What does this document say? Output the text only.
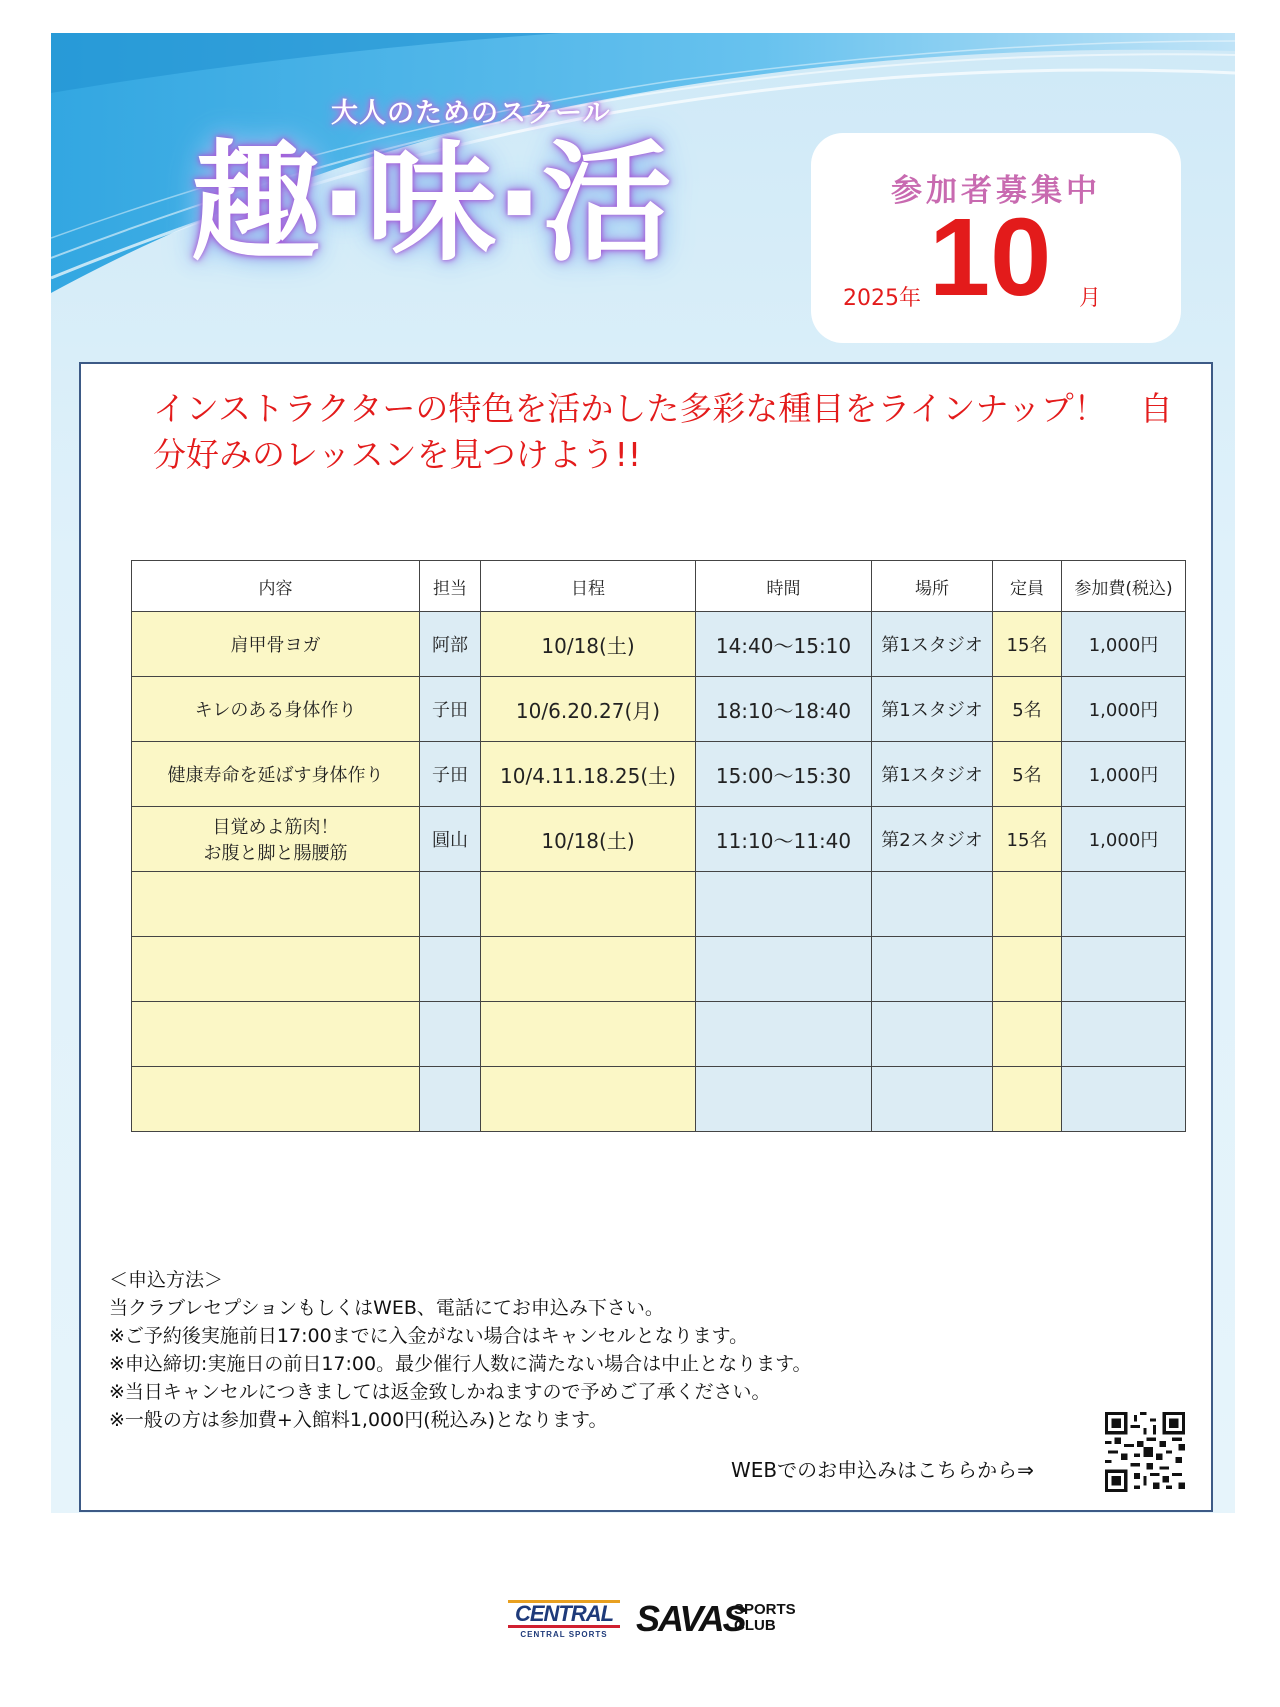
大人のためのスクール
趣·味·活	参加者募集中
2025年 10 月
インストラクターの特色を活かした多彩な種目をラインナップ！　自
分好みのレッスンを見つけよう!!
内容	担当	日程	時間	場所	定員	参加費(税込)
肩甲骨ヨガ	阿部	10/18(土)	14:40～15:10	第1スタジオ	15名	1,000円
キレのある身体作り	子田	10/6.20.27(月)	18:10～18:40	第1スタジオ	5名	1,000円
健康寿命を延ばす身体作り	子田	10/4.11.18.25(土)	15:00～15:30	第1スタジオ	5名	1,000円

目覚めよ筋肉！
お腹と脚と腸腰筋	圓山	10/18(土)	11:10～11:40	第2スタジオ	15名	1,000円

＜申込方法＞
当クラブレセプションもしくはWEB、電話にてお申込み下さい。
※ご予約後実施前日17:00までに入金がない場合はキャンセルとなります。
※申込締切:実施日の前日17:00。最少催行人数に満たない場合は中止となります。
※当日キャンセルにつきましては返金致しかねますので予めご了承ください。
※一般の方は参加費+入館料1,000円(税込み)となります。
WEBでのお申込みはこちらから⇒
CENTRAL
CENTRAL SPORTS SAVAS
SPORTS
CLUB
